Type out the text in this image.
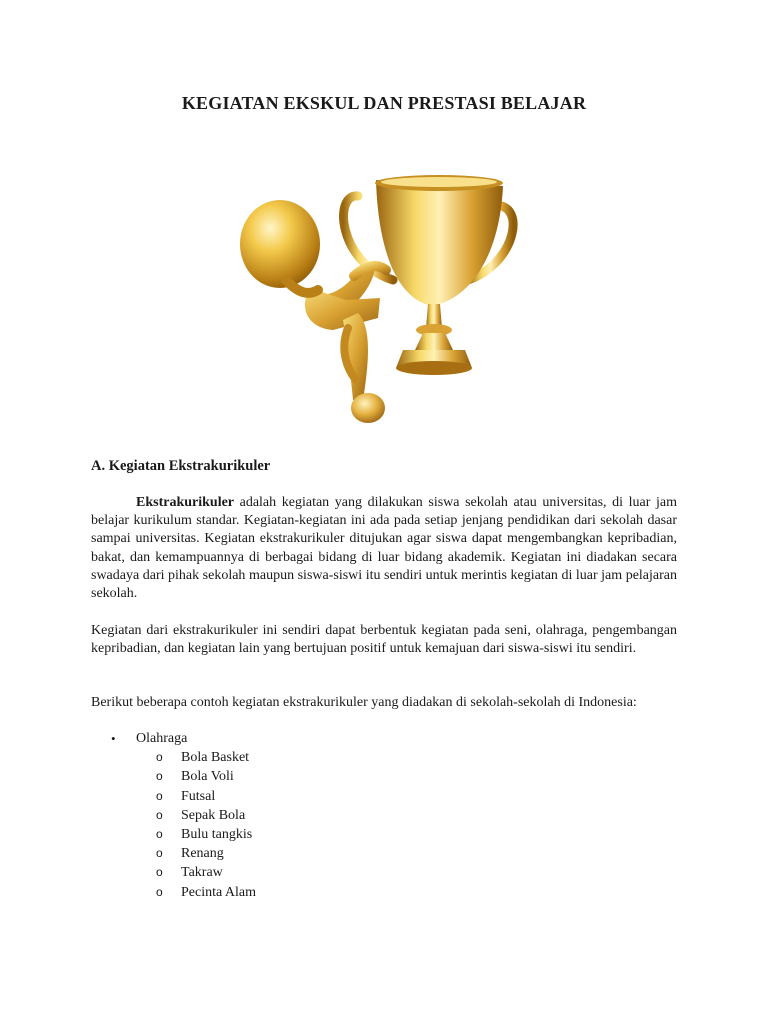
KEGIATAN EKSKUL DAN PRESTASI BELAJAR
A. Kegiatan Ekstrakurikuler

Ekstrakurikuler adalah kegiatan yang dilakukan siswa sekolah atau universitas, di luar jam belajar kurikulum standar. Kegiatan-kegiatan ini ada pada setiap jenjang pendidikan dari sekolah dasar sampai universitas. Kegiatan ekstrakurikuler ditujukan agar siswa dapat mengembangkan kepribadian, bakat, dan kemampuannya di berbagai bidang di luar bidang akademik. Kegiatan ini diadakan secara swadaya dari pihak sekolah maupun siswa-siswi itu sendiri untuk merintis kegiatan di luar jam pelajaran sekolah.

Kegiatan dari ekstrakurikuler ini sendiri dapat berbentuk kegiatan pada seni, olahraga, pengembangan kepribadian, dan kegiatan lain yang bertujuan positif untuk kemajuan dari siswa-siswi itu sendiri.

Berikut beberapa contoh kegiatan ekstrakurikuler yang diadakan di sekolah-sekolah di Indonesia:

• Olahraga
o Bola Basket
o Bola Voli
o Futsal
o Sepak Bola
o Bulu tangkis
o Renang
o Takraw
o Pecinta Alam
